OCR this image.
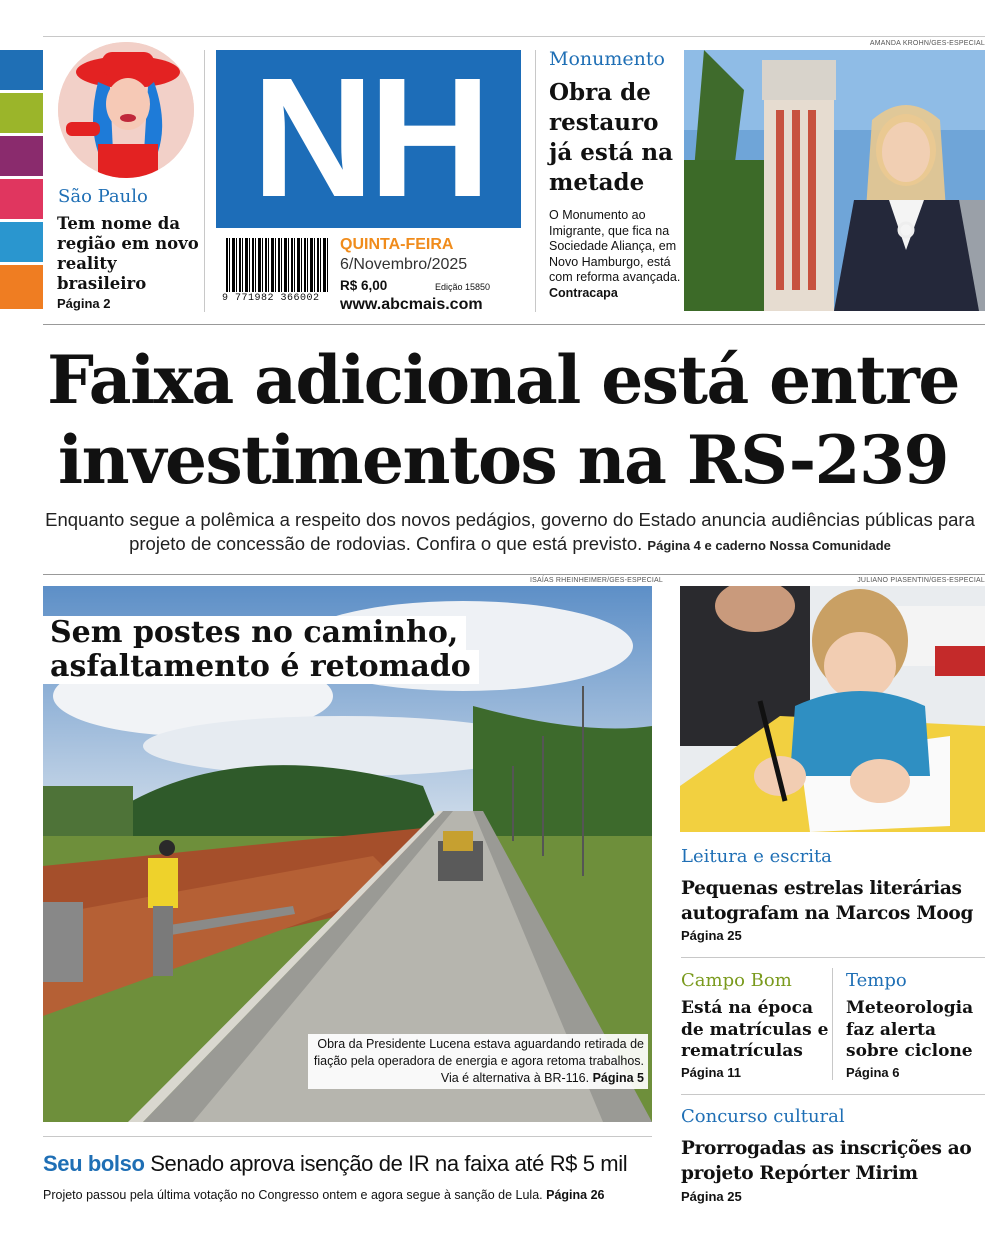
São Paulo
Tem nome da região em novo reality brasileiro
Página 2
NH
9 771982 366002
QUINTA-FEIRA
6/Novembro/2025
R$ 6,00	Edição 15850
www.abcmais.com
Monumento
Obra de restauro já está na metade
O Monumento ao Imigrante, que fica na Sociedade Aliança, em Novo Hamburgo, está com reforma avançada. Contracapa
AMANDA KROHN/GES-ESPECIAL
Faixa adicional está entre
investimentos na RS-239
Enquanto segue a polêmica a respeito dos novos pedágios, governo do Estado anuncia audiências públicas para projeto de concessão de rodovias. Confira o que está previsto. Página 4 e caderno Nossa Comunidade
ISAÍAS RHEINHEIMER/GES-ESPECIAL
Sem postes no caminho,
asfaltamento é retomado
Obra da Presidente Lucena estava aguardando retirada de fiação pela operadora de energia e agora retoma trabalhos. Via é alternativa à BR-116. Página 5
Seu bolso Senado aprova isenção de IR na faixa até R$ 5 mil
Projeto passou pela última votação no Congresso ontem e agora segue à sanção de Lula. Página 26
JULIANO PIASENTIN/GES-ESPECIAL
Leitura e escrita
Pequenas estrelas literárias autografam na Marcos Moog
Página 25
Campo Bom
Está na época de matrículas e rematrículas
Página 11
Tempo
Meteorologia faz alerta sobre ciclone
Página 6
Concurso cultural
Prorrogadas as inscrições ao projeto Repórter Mirim
Página 25
